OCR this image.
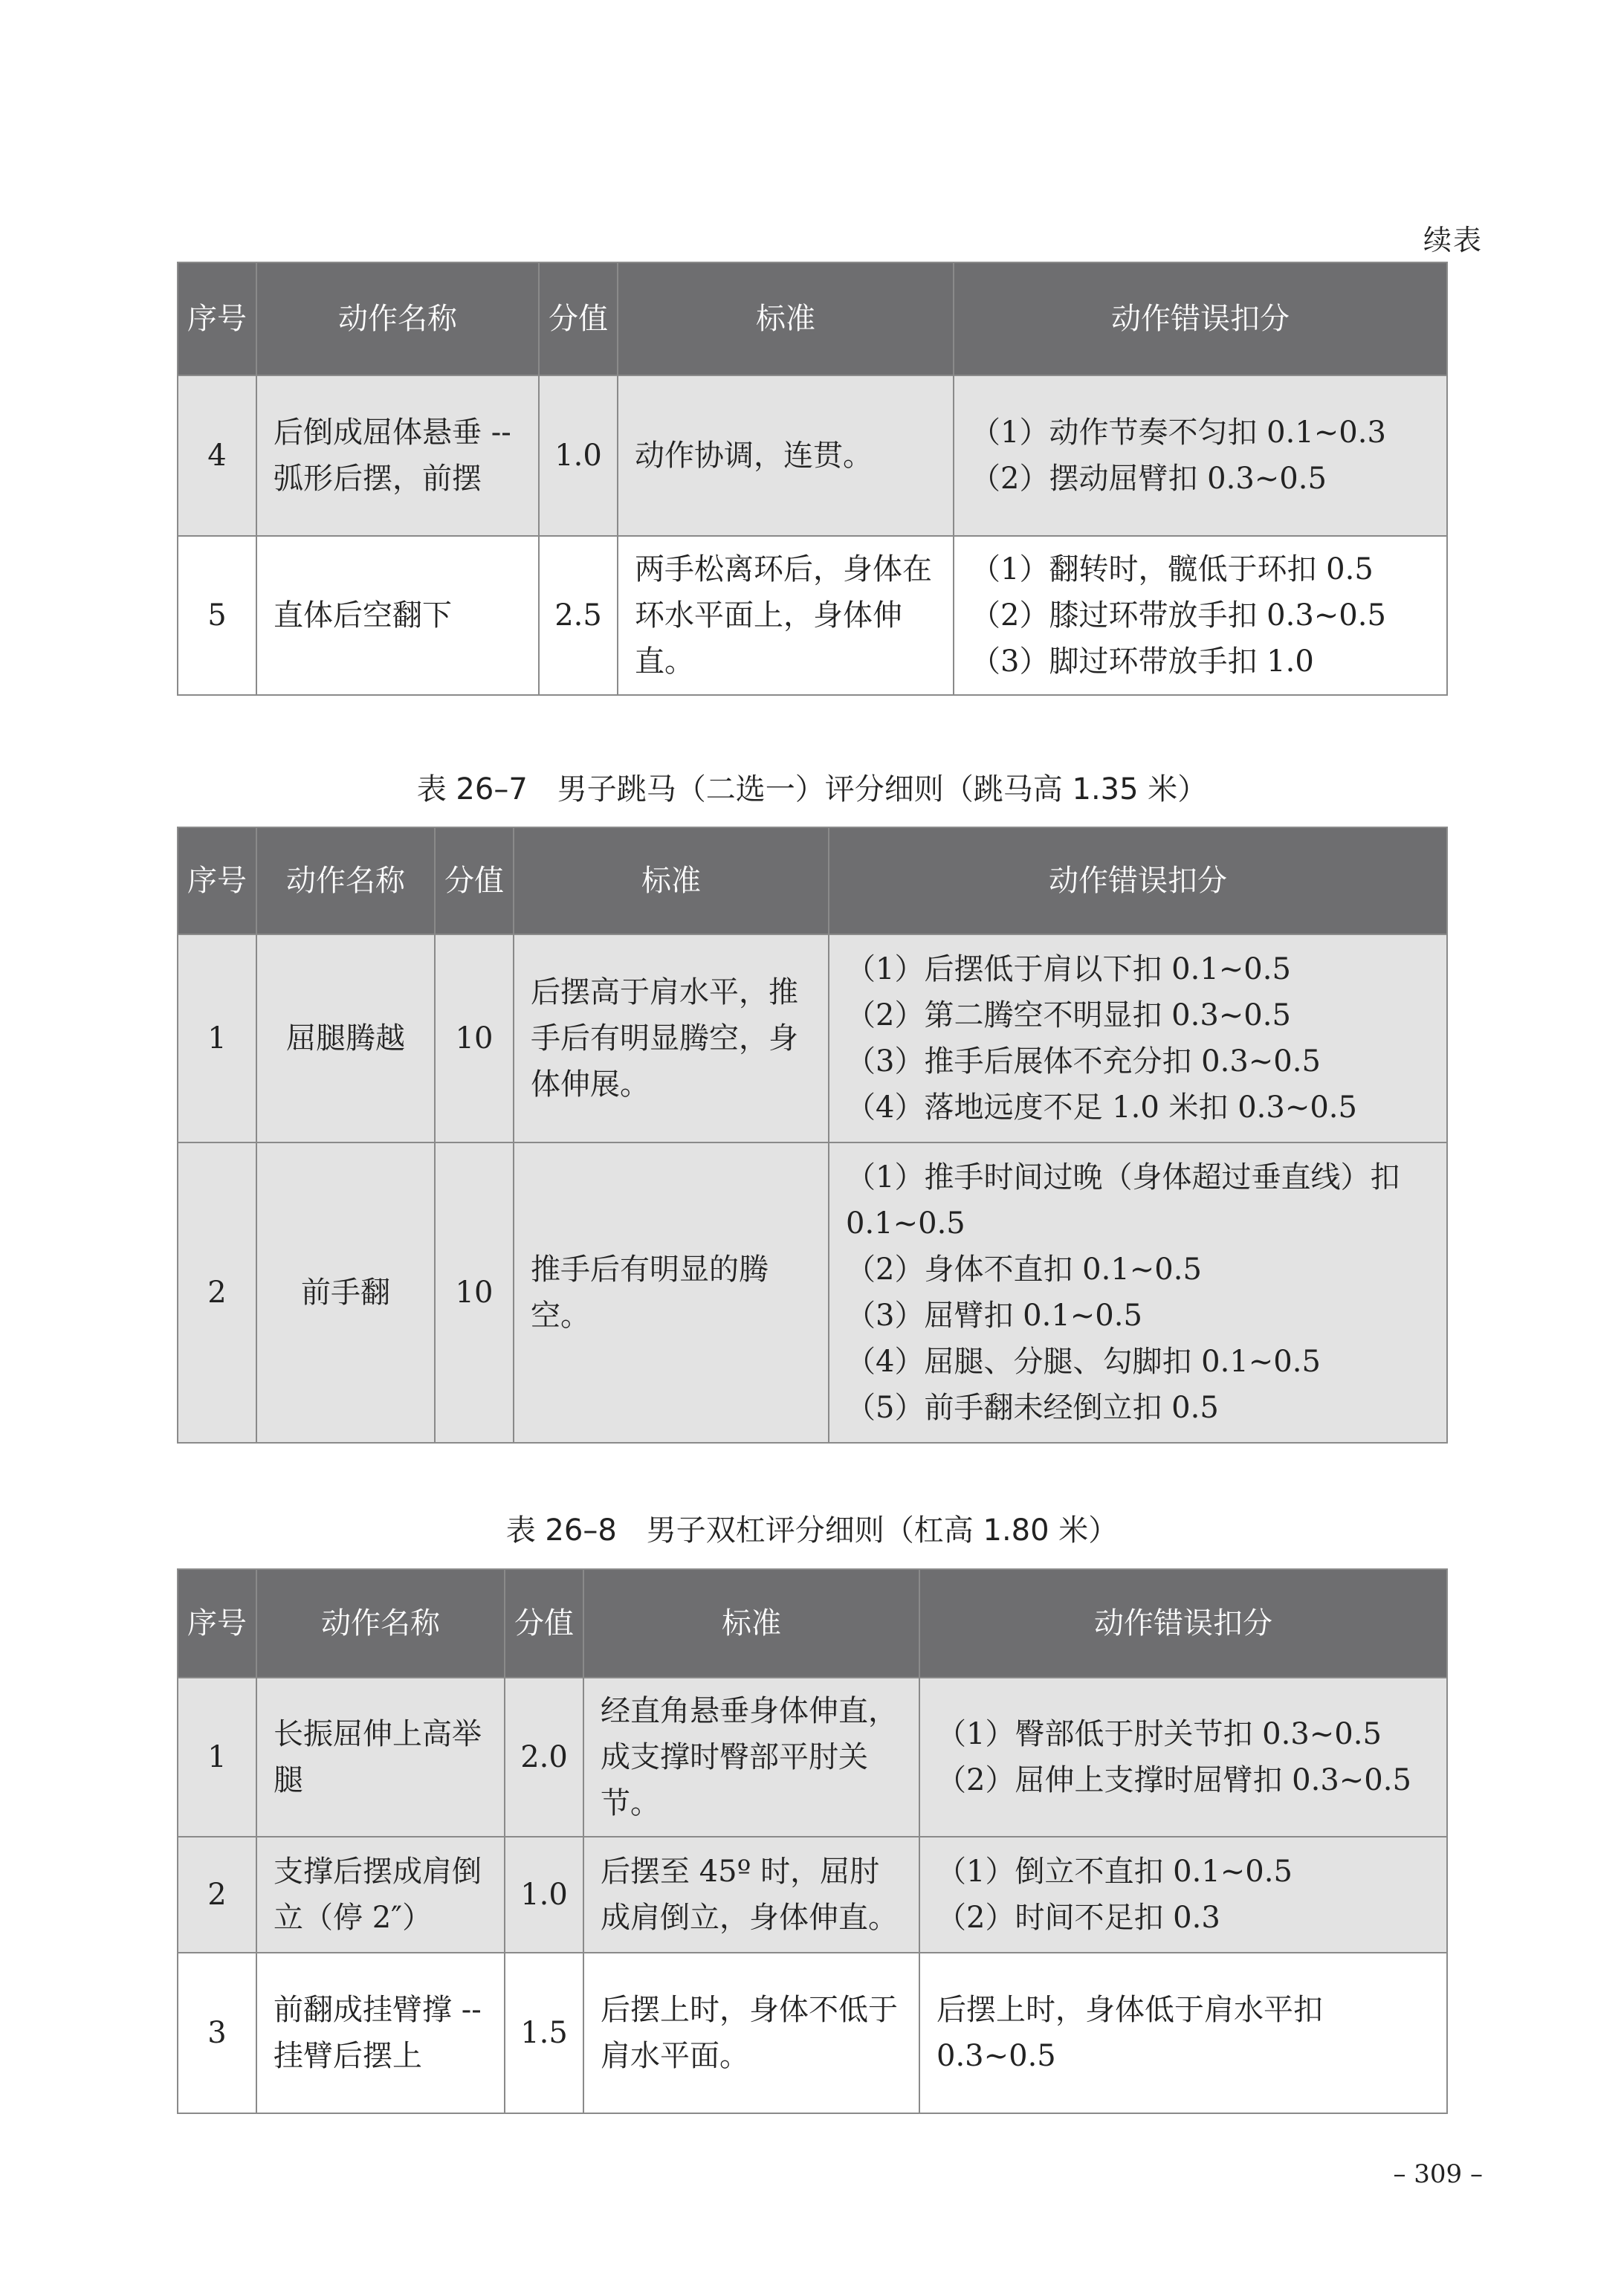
续表
序号	动作名称	分值	标准	动作错误扣分
4	后倒成屈体悬垂 -- 弧形后摆，前摆	1.0	动作协调，连贯。	（1）动作节奏不匀扣 0.1~0.3
（2）摆动屈臂扣 0.3~0.5

5	直体后空翻下	2.5	两手松离环后，身体在环水平面上，身体伸直。	（1）翻转时，髋低于环扣 0.5
（2）膝过环带放手扣 0.3~0.5
（3）脚过环带放手扣 1.0
表 26–7　男子跳马（二选一）评分细则（跳马高 1.35 米）
序号	动作名称	分值	标准	动作错误扣分
1	屈腿腾越	10	后摆高于肩水平，推手后有明显腾空，身体伸展。	（1）后摆低于肩以下扣 0.1~0.5
（2）第二腾空不明显扣 0.3~0.5
（3）推手后展体不充分扣 0.3~0.5
（4）落地远度不足 1.0 米扣 0.3~0.5

2	前手翻	10	推手后有明显的腾空。	（1）推手时间过晚（身体超过垂直线）扣 0.1~0.5
（2）身体不直扣 0.1~0.5
（3）屈臂扣 0.1~0.5
（4）屈腿、分腿、勾脚扣 0.1~0.5
（5）前手翻未经倒立扣 0.5
表 26–8　男子双杠评分细则（杠高 1.80 米）
序号	动作名称	分值	标准	动作错误扣分
1	长振屈伸上高举腿	2.0	经直角悬垂身体伸直，成支撑时臀部平肘关节。	（1）臀部低于肘关节扣 0.3~0.5
（2）屈伸上支撑时屈臂扣 0.3~0.5

2	支撑后摆成肩倒立（停 2″）	1.0	后摆至 45º 时，屈肘成肩倒立，身体伸直。	（1）倒立不直扣 0.1~0.5
（2）时间不足扣 0.3

3	前翻成挂臂撑 -- 挂臂后摆上	1.5	后摆上时，身体不低于肩水平面。	后摆上时，身体低于肩水平扣 0.3~0.5
– 309 –
